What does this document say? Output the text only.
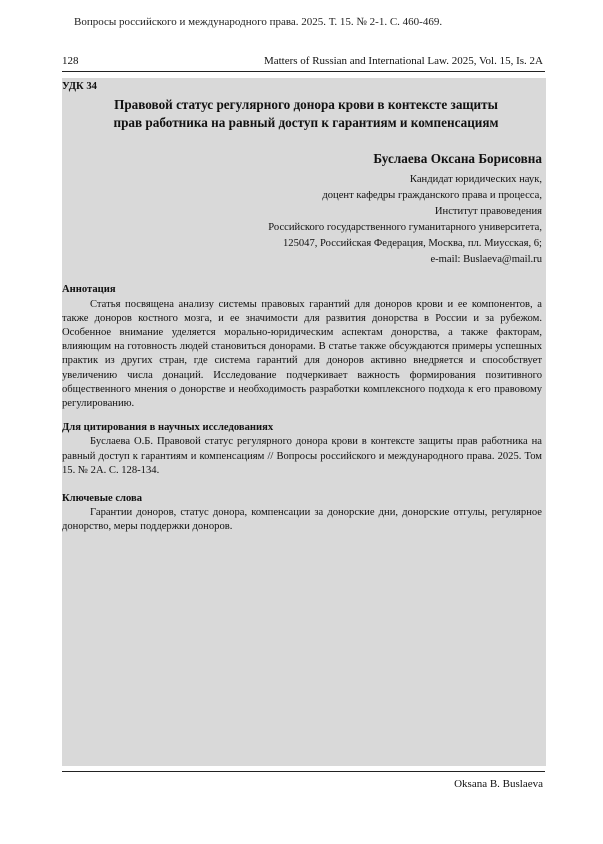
Вопросы российского и международного права. 2025. Т. 15. № 2-1. С. 460-469.
128	Matters of Russian and International Law. 2025, Vol. 15, Is. 2A

УДК 34

Правовой статус регулярного донора крови в контексте защиты
прав работника на равный доступ к гарантиям и компенсациям

Буслаева Оксана Борисовна

Кандидат юридических наук,

доцент кафедры гражданского права и процесса,

Институт правоведения

Российского государственного гуманитарного университета,

125047, Российская Федерация, Москва, пл. Миусская, 6;

e-mail: Buslaeva@mail.ru

Аннотация

Статья посвящена анализу системы правовых гарантий для доноров крови и ее компонентов, а также доноров костного мозга, и ее значимости для развития донорства в России и за рубежом. Особенное внимание уделяется морально-юридическим аспектам донорства, а также факторам, влияющим на готовность людей становиться донорами. В статье также обсуждаются примеры успешных практик из других стран, где система гарантий для доноров активно внедряется и способствует увеличению числа донаций. Исследование подчеркивает важность формирования позитивного общественного мнения о донорстве и необходимость разработки комплексного подхода к его правовому регулированию.

Для цитирования в научных исследованиях

Буслаева О.Б. Правовой статус регулярного донора крови в контексте защиты прав работника на равный доступ к гарантиям и компенсациям // Вопросы российского и международного права. 2025. Том 15. № 2А. С. 128-134.

Ключевые слова

Гарантии доноров, статус донора, компенсации за донорские дни, донорские отгулы, регулярное донорство, меры поддержки доноров.

Oksana B. Buslaeva
